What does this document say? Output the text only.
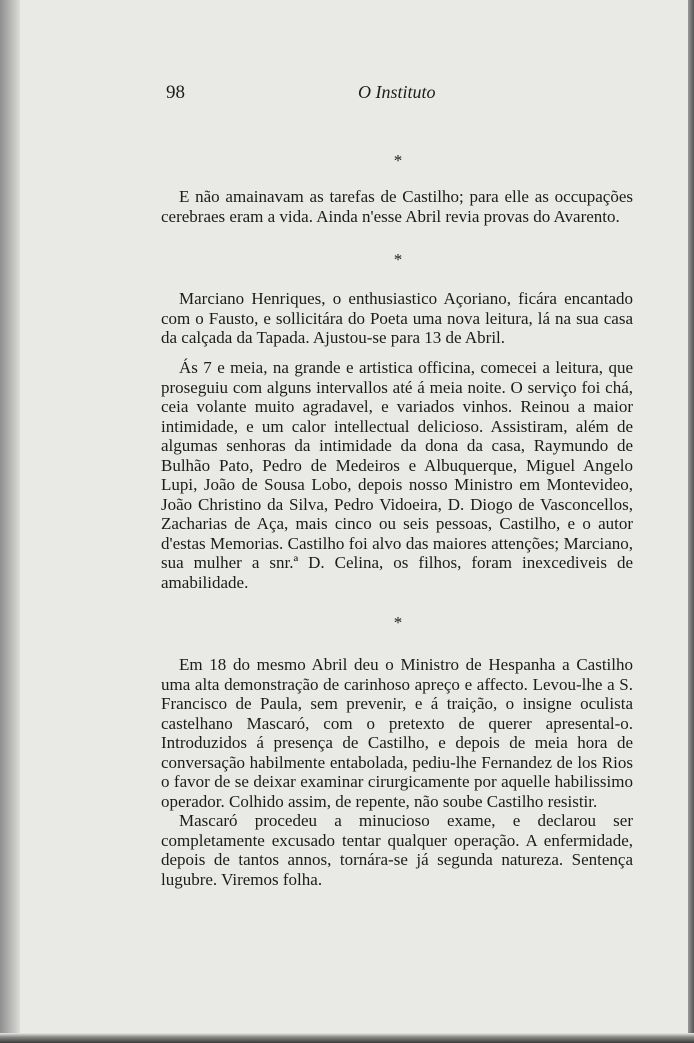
98	O Instituto
*

E não amainavam as tarefas de Castilho; para elle as occupações cerebraes eram a vida. Ainda n'esse Abril revia provas do Avarento.

*

Marciano Henriques, o enthusiastico Açoriano, ficára encantado com o Fausto, e sollicitára do Poeta uma nova leitura, lá na sua casa da calçada da Tapada. Ajustou-se para 13 de Abril.

Ás 7 e meia, na grande e artistica officina, comecei a leitura, que proseguiu com alguns intervallos até á meia noite. O serviço foi chá, ceia volante muito agradavel, e variados vinhos. Reinou a maior intimidade, e um calor intellectual delicioso. Assistiram, além de algumas senhoras da intimidade da dona da casa, Raymundo de Bulhão Pato, Pedro de Medeiros e Albuquerque, Miguel Angelo Lupi, João de Sousa Lobo, depois nosso Ministro em Montevideo, João Christino da Silva, Pedro Vidoeira, D. Diogo de Vasconcellos, Zacharias de Aça, mais cinco ou seis pessoas, Castilho, e o autor d'estas Memorias. Castilho foi alvo das maiores attenções; Marciano, sua mulher a snr.ª D. Celina, os filhos, foram inexcediveis de amabilidade.

*

Em 18 do mesmo Abril deu o Ministro de Hespanha a Castilho uma alta demonstração de carinhoso apreço e affecto. Levou-lhe a S. Francisco de Paula, sem prevenir, e á traição, o insigne oculista castelhano Mascaró, com o pretexto de querer apresental-o. Introduzidos á presença de Castilho, e depois de meia hora de conversação habilmente entabolada, pediu-lhe Fernandez de los Rios o favor de se deixar examinar cirurgicamente por aquelle habilissimo operador. Colhido assim, de repente, não soube Castilho resistir.

Mascaró procedeu a minucioso exame, e declarou ser completamente excusado tentar qualquer operação. A enfermidade, depois de tantos annos, tornára-se já segunda natureza. Sentença lugubre. Viremos folha.
